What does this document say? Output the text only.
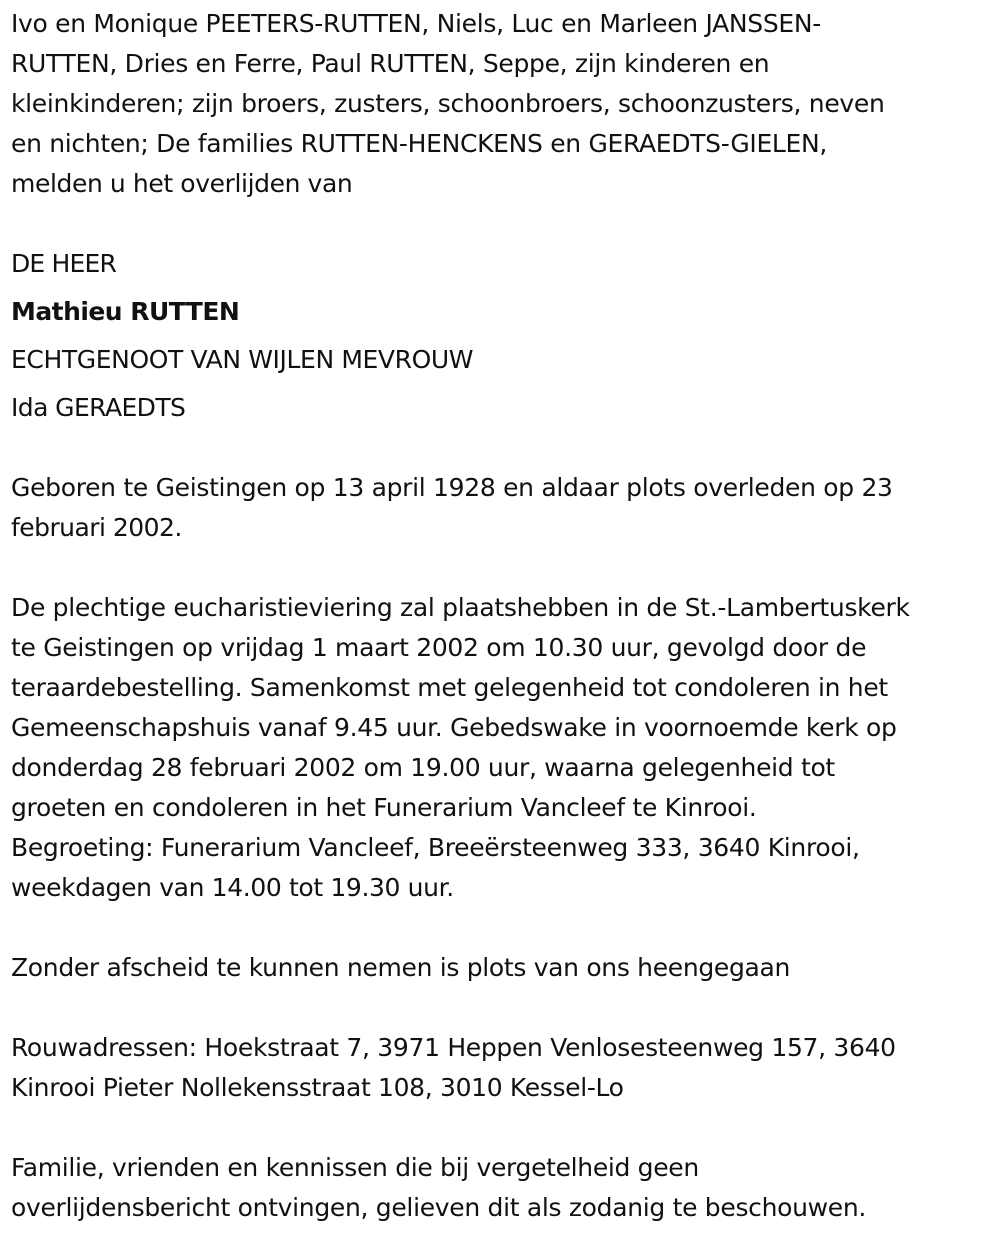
Ivo en Monique PEETERS-RUTTEN, Niels, Luc en Marleen JANSSEN-

RUTTEN, Dries en Ferre, Paul RUTTEN, Seppe, zijn kinderen en

kleinkinderen; zijn broers, zusters, schoonbroers, schoonzusters, neven

en nichten; De families RUTTEN-HENCKENS en GERAEDTS-GIELEN,

melden u het overlijden van

DE HEER

Mathieu RUTTEN

ECHTGENOOT VAN WIJLEN MEVROUW

Ida GERAEDTS

Geboren te Geistingen op 13 april 1928 en aldaar plots overleden op 23

februari 2002.

De plechtige eucharistieviering zal plaatshebben in de St.-Lambertuskerk

te Geistingen op vrijdag 1 maart 2002 om 10.30 uur, gevolgd door de

teraardebestelling. Samenkomst met gelegenheid tot condoleren in het

Gemeenschapshuis vanaf 9.45 uur. Gebedswake in voornoemde kerk op

donderdag 28 februari 2002 om 19.00 uur, waarna gelegenheid tot

groeten en condoleren in het Funerarium Vancleef te Kinrooi.

Begroeting: Funerarium Vancleef, Breeërsteenweg 333, 3640 Kinrooi,

weekdagen van 14.00 tot 19.30 uur.

Zonder afscheid te kunnen nemen is plots van ons heengegaan

Rouwadressen: Hoekstraat 7, 3971 Heppen Venlosesteenweg 157, 3640

Kinrooi Pieter Nollekensstraat 108, 3010 Kessel-Lo

Familie, vrienden en kennissen die bij vergetelheid geen

overlijdensbericht ontvingen, gelieven dit als zodanig te beschouwen.
